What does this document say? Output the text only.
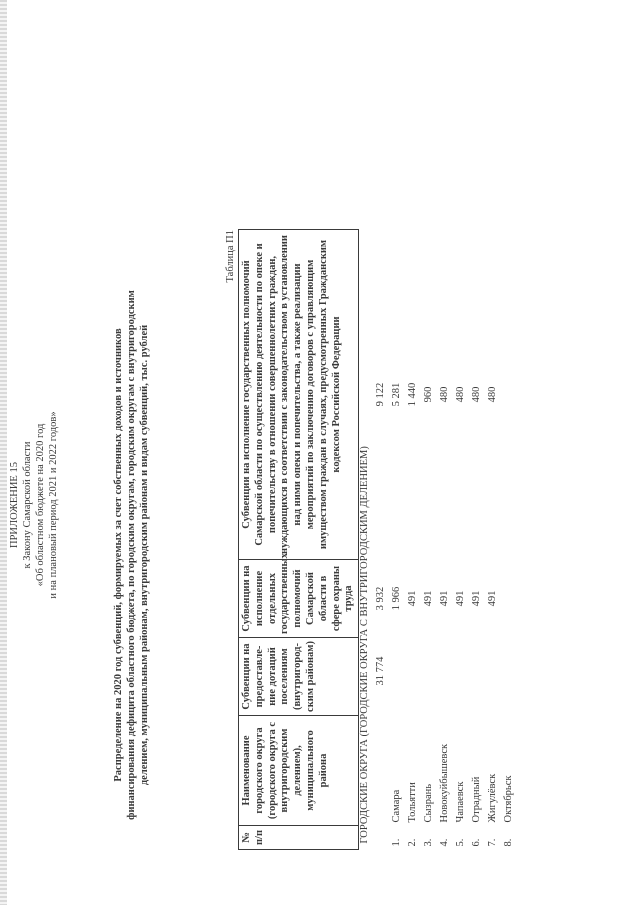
ПРИЛОЖЕНИЕ 15 к Закону Самарской области «Об областном бюджете на 2020 год и на плановый период 2021 и 2022 годов»	Распределение на 2020 год субвенций, формируемых за счет собственных доходов и источников финансирования дефицита областного бюджета, по городским округам, городским округам с внутригородским делением, муниципальным районам, внутригородским районам и видам субвенций, тыс. рублей
Таблица П1
№ п/п	Наименование городского округа (городского округа с внутригородским делением), муниципального района	Субвенции на предоставле-ние дотаций поселениям (внутригород-ским районам)	Субвенции на исполнение отдельных государственных полномочий Самарской области в сфере охраны труда	Субвенции на исполнение государственных полномочий Самарской области по осуществлению деятельности по опеке и попечительству в отношении совершеннолетних граждан, нуждающихся в соответствии с законодательством в установлении над ними опеки и попечительства, а также реализации мероприятий по заключению договоров с управляющим имуществом граждан в случаях, предусмотренных Гражданским кодексом Российской Федерации
ГОРОДСКИЕ ОКРУГА (ГОРОДСКИЕ ОКРУГА С ВНУТРИГОРОДСКИМ ДЕЛЕНИЕМ)				
		31 774	3 932	9 122
1.	Самара		1 966	5 281
2.	Тольятти		491	1 440
3.	Сызрань		491	960
4.	Новокуйбышевск		491	480
5.	Чапаевск		491	480
6.	Отрадный		491	480
7.	Жигулёвск		491	480
8.	Октябрьск			
